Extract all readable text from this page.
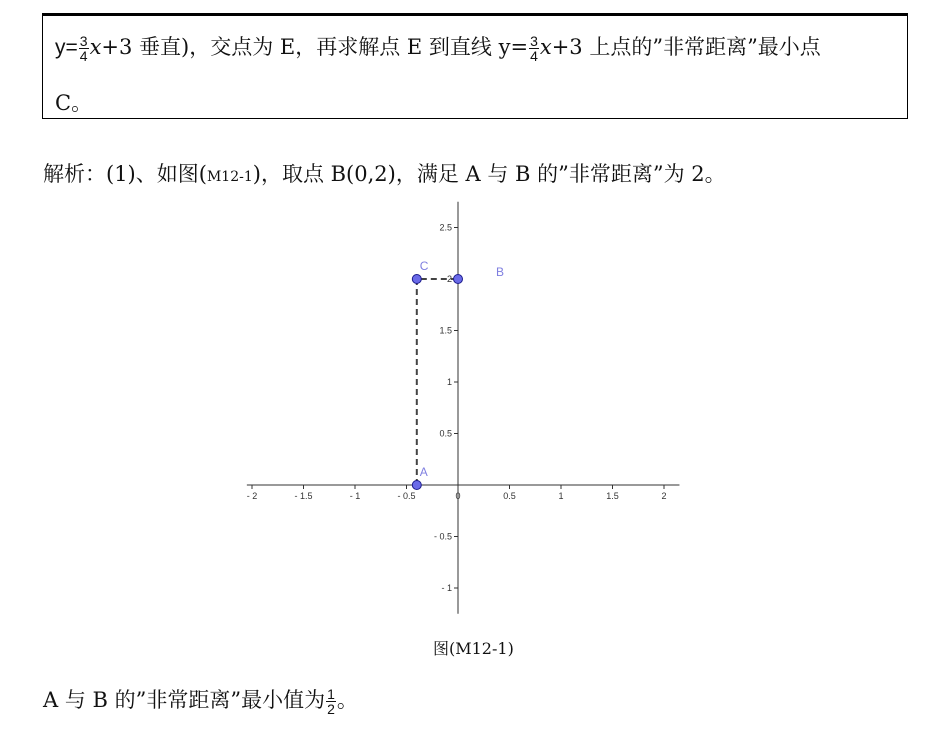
$y= \frac{3}{4} x+3$ 垂直)，交点为 E，再求解点 E 到直线 $y= \frac{3}{4} x+3$ 上点的”非常距离”最小点
C。
解析：(1)、如图(M12-1)，取点 B(0,2)，满足 A 与 B 的”非常距离”为 2。
- 2	- 1.5	- 1	- 0.5	0	0.5	1	1.5	2
2.5
2
1.5
1
0.5
- 0.5
- 1
A
B
C
图(M12-1)
A 与 B 的”非常距离”最小值为 $\frac{1}{2}$ 。
